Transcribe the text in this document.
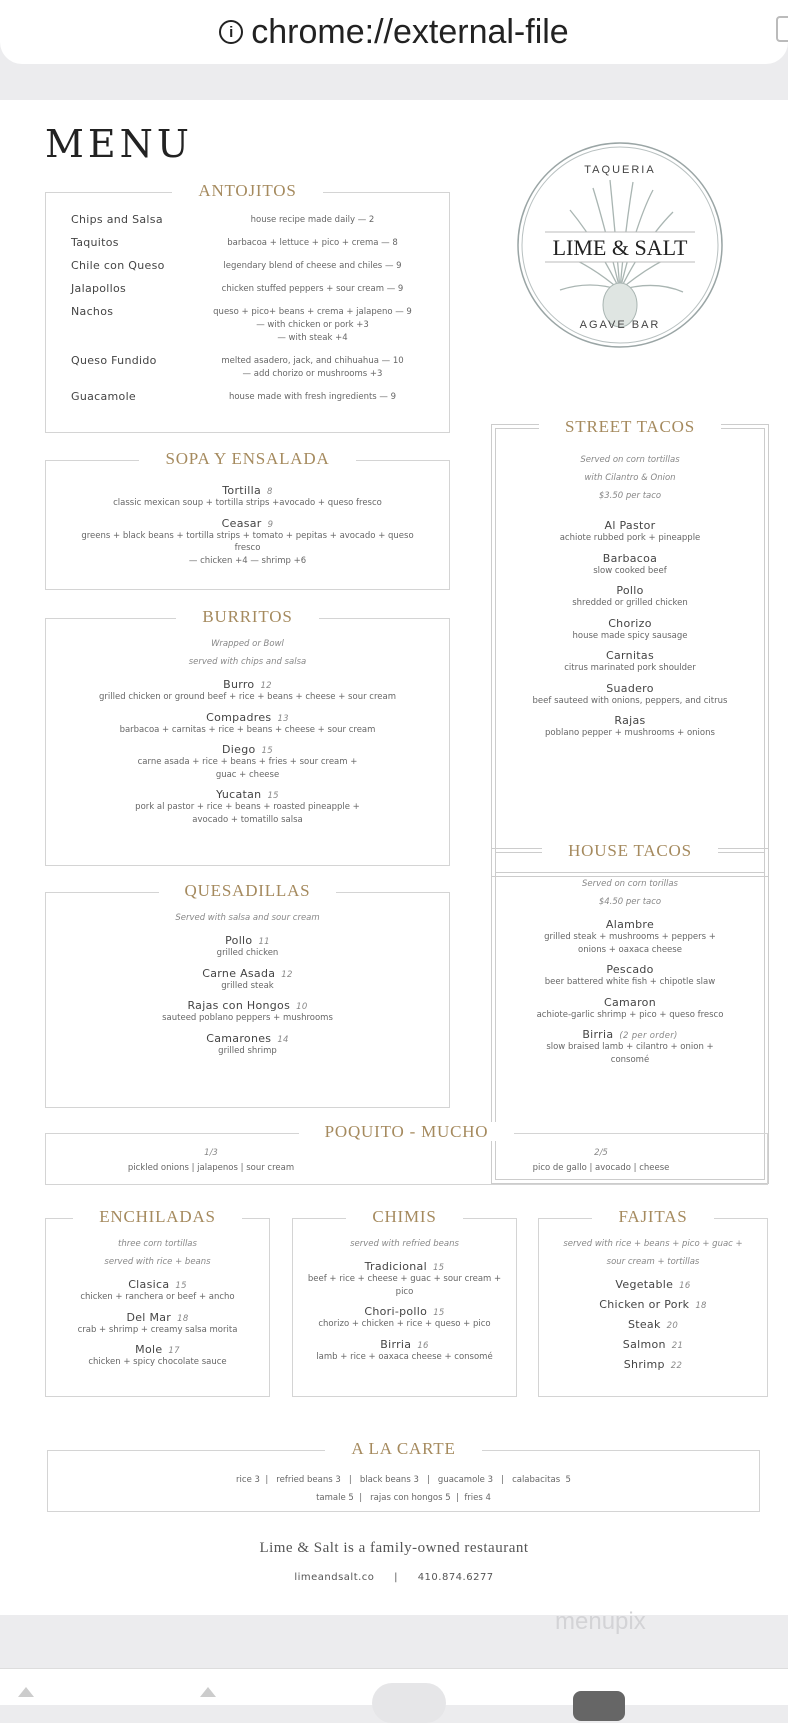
i chrome://external-file
MENU
TAQUERIA
LIME & SALT
AGAVE BAR
ANTOJITOS
Chips and Salsa	house recipe made daily — 2
Taquitos	barbacoa + lettuce + pico + crema — 8
Chile con Queso	legendary blend of cheese and chiles — 9
Jalapollos	chicken stuffed peppers + sour cream — 9
Nachos	queso + pico+ beans + crema + jalapeno — 9
— with chicken or pork +3
— with steak +4
Queso Fundido	melted asadero, jack, and chihuahua — 10
— add chorizo or mushrooms +3
Guacamole	house made with fresh ingredients — 9
SOPA Y ENSALADA
Tortilla 8
classic mexican soup + tortilla strips +avocado + queso fresco
Ceasar 9
greens + black beans + tortilla strips + tomato + pepitas + avocado + queso
fresco
— chicken +4 — shrimp +6
BURRITOS
Wrapped or Bowl
served with chips and salsa
Burro 12
grilled chicken or ground beef + rice + beans + cheese + sour cream
Compadres 13
barbacoa + carnitas + rice + beans + cheese + sour cream
Diego 15
carne asada + rice + beans + fries + sour cream +
guac + cheese
Yucatan 15
pork al pastor + rice + beans + roasted pineapple +
avocado + tomatillo salsa
QUESADILLAS
Served with salsa and sour cream
Pollo 11
grilled chicken
Carne Asada 12
grilled steak
Rajas con Hongos 10
sauteed poblano peppers + mushrooms
Camarones 14
grilled shrimp
STREET TACOS
Served on corn tortillas
with Cilantro & Onion
$3.50 per taco
Al Pastor
achiote rubbed pork + pineapple
Barbacoa
slow cooked beef
Pollo
shredded or grilled chicken
Chorizo
house made spicy sausage
Carnitas
citrus marinated pork shoulder
Suadero
beef sauteed with onions, peppers, and citrus
Rajas
poblano pepper + mushrooms + onions
HOUSE TACOS
Served on corn torillas
$4.50 per taco
Alambre
grilled steak + mushrooms + peppers +
onions + oaxaca cheese
Pescado
beer battered white fish + chipotle slaw
Camaron
achiote-garlic shrimp + pico + queso fresco
Birria (2 per order)
slow braised lamb + cilantro + onion +
consomé
POQUITO - MUCHO
1/3
pickled onions | jalapenos | sour cream
2/5
pico de gallo | avocado | cheese
ENCHILADAS
three corn tortillas
served with rice + beans
Clasica 15
chicken + ranchera or beef + ancho
Del Mar 18
crab + shrimp + creamy salsa morita
Mole 17
chicken + spicy chocolate sauce
CHIMIS
served with refried beans
Tradicional 15
beef + rice + cheese + guac + sour cream +
pico
Chori-pollo 15
chorizo + chicken + rice + queso + pico
Birria 16
lamb + rice + oaxaca cheese + consomé
FAJITAS
served with rice + beans + pico + guac +
sour cream + tortillas
Vegetable 16
Chicken or Pork 18
Steak 20
Salmon 21
Shrimp 22
A LA CARTE
rice 3  |   refried beans 3   |   black beans 3   |   guacamole 3   |   calabacitas  5
tamale 5  |   rajas con hongos 5  |  fries 4
Lime & Salt is a family-owned restaurant
limeandsalt.co | 410.874.6277
menupix
